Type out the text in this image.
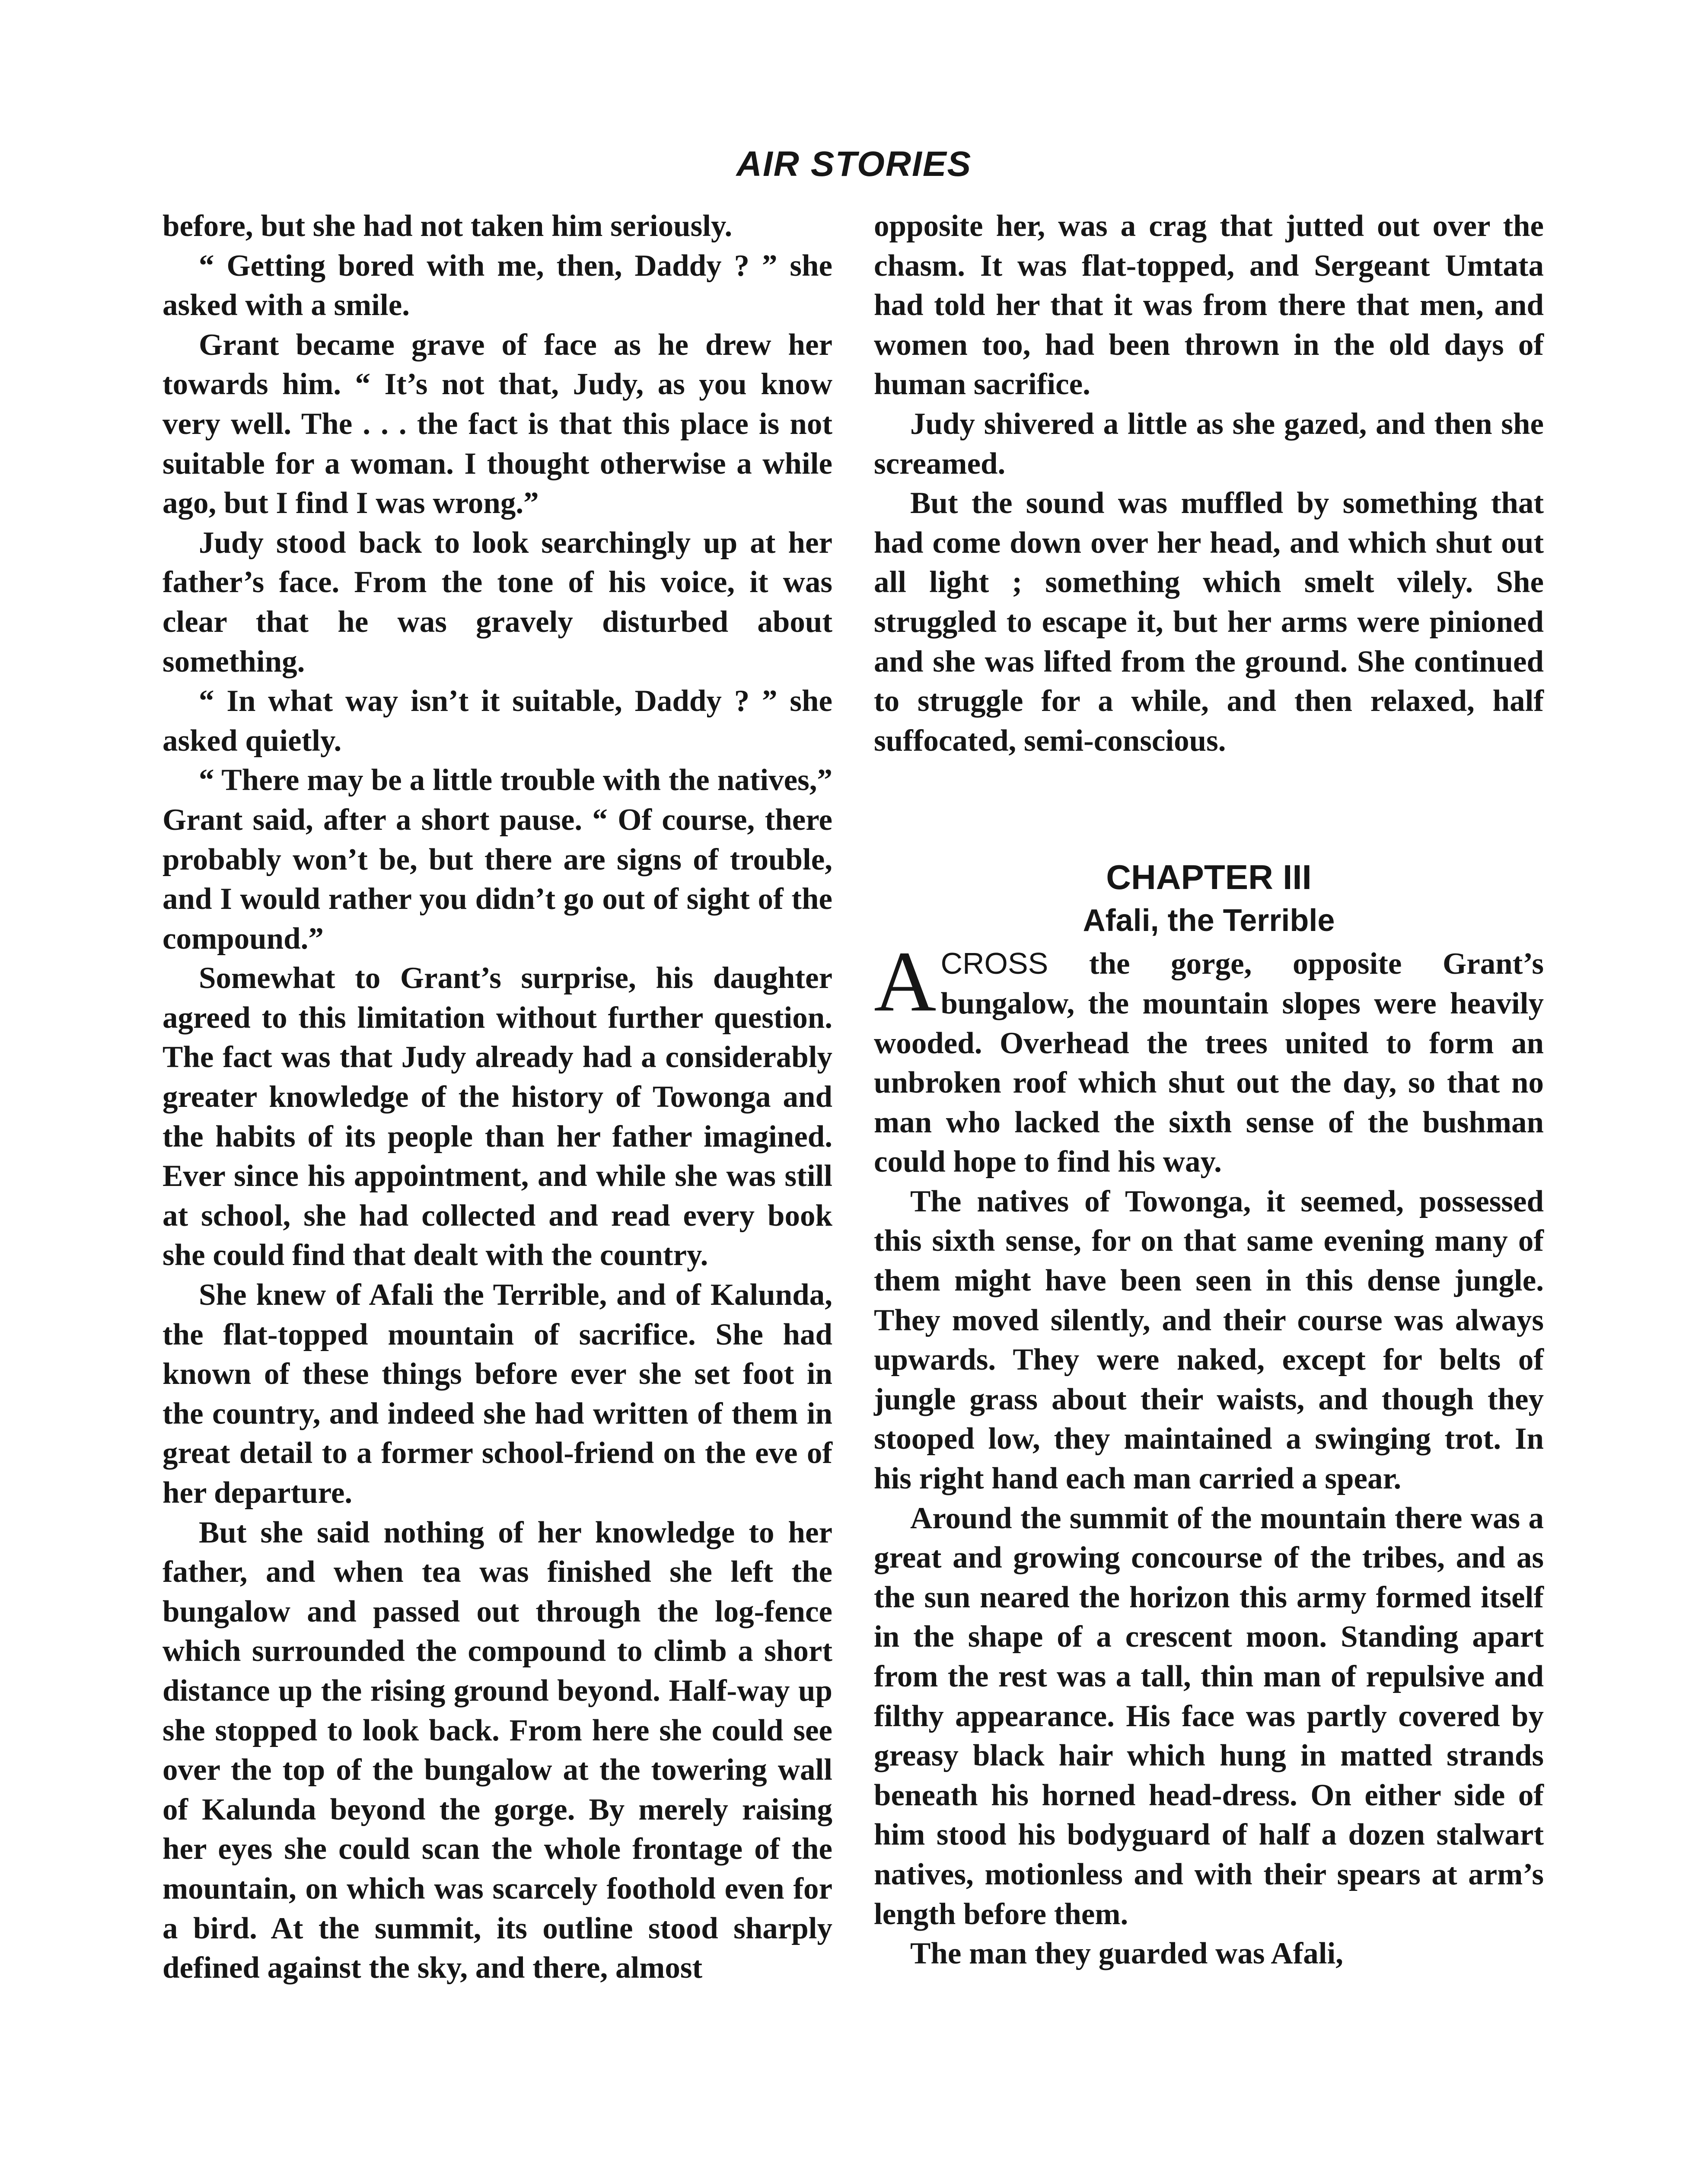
AIR STORIES

before, but she had not taken him seriously.

“ Getting bored with me, then, Daddy ? ” she asked with a smile.

Grant became grave of face as he drew her towards him. “ It’s not that, Judy, as you know very well. The . . . the fact is that this place is not suitable for a woman. I thought otherwise a while ago, but I find I was wrong.”

Judy stood back to look searchingly up at her father’s face. From the tone of his voice, it was clear that he was gravely disturbed about something.

“ In what way isn’t it suitable, Daddy ? ” she asked quietly.

“ There may be a little trouble with the natives,” Grant said, after a short pause. “ Of course, there probably won’t be, but there are signs of trouble, and I would rather you didn’t go out of sight of the compound.”

Somewhat to Grant’s surprise, his daughter agreed to this limitation without further question. The fact was that Judy already had a considerably greater knowledge of the history of Towonga and the habits of its people than her father imagined. Ever since his appointment, and while she was still at school, she had collected and read every book she could find that dealt with the country.

She knew of Afali the Terrible, and of Kalunda, the flat-topped mountain of sacrifice. She had known of these things before ever she set foot in the country, and indeed she had written of them in great detail to a former school-friend on the eve of her departure.

But she said nothing of her knowledge to her father, and when tea was finished she left the bungalow and passed out through the log-fence which surrounded the compound to climb a short distance up the rising ground beyond. Half-way up she stopped to look back. From here she could see over the top of the bungalow at the towering wall of Kalunda beyond the gorge. By merely raising her eyes she could scan the whole frontage of the mountain, on which was scarcely foothold even for a bird. At the summit, its outline stood sharply defined against the sky, and there, almost

opposite her, was a crag that jutted out over the chasm. It was flat-topped, and Sergeant Umtata had told her that it was from there that men, and women too, had been thrown in the old days of human sacrifice.

Judy shivered a little as she gazed, and then she screamed.

But the sound was muffled by something that had come down over her head, and which shut out all light ; something which smelt vilely. She struggled to escape it, but her arms were pinioned and she was lifted from the ground. She continued to struggle for a while, and then relaxed, half suffocated, semi-conscious.

CHAPTER III
Afali, the Terrible

ACROSS the gorge, opposite Grant’s bungalow, the mountain slopes were heavily wooded. Overhead the trees united to form an unbroken roof which shut out the day, so that no man who lacked the sixth sense of the bushman could hope to find his way.

The natives of Towonga, it seemed, possessed this sixth sense, for on that same evening many of them might have been seen in this dense jungle. They moved silently, and their course was always upwards. They were naked, except for belts of jungle grass about their waists, and though they stooped low, they maintained a swinging trot. In his right hand each man carried a spear.

Around the summit of the mountain there was a great and growing concourse of the tribes, and as the sun neared the horizon this army formed itself in the shape of a crescent moon. Standing apart from the rest was a tall, thin man of repulsive and filthy appearance. His face was partly covered by greasy black hair which hung in matted strands beneath his horned head-dress. On either side of him stood his bodyguard of half a dozen stalwart natives, motionless and with their spears at arm’s length before them.

The man they guarded was Afali,
